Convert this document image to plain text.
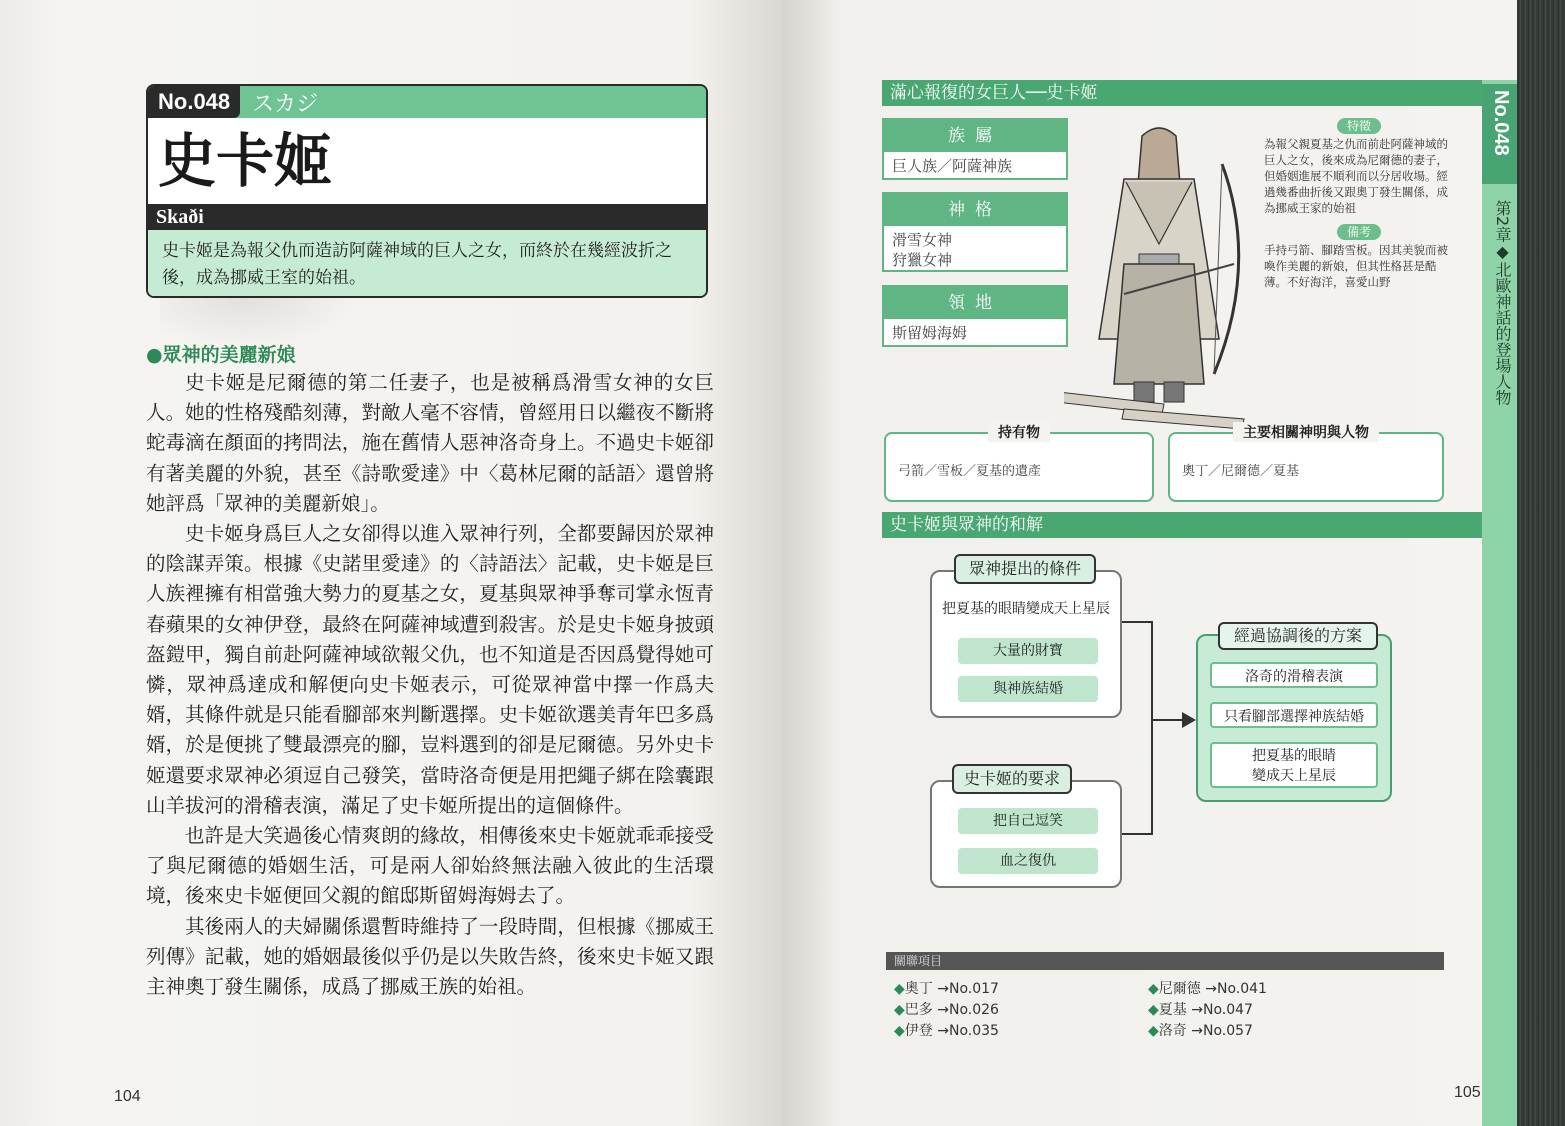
No.048	スカジ
史卡姬
Skaði
史卡姬是為報父仇而造訪阿薩神域的巨人之女，而終於在幾經波折之後，成為挪威王室的始祖。
●眾神的美麗新娘

史卡姬是尼爾德的第二任妻子，也是被稱爲滑雪女神的女巨人。她的性格殘酷刻薄，對敵人毫不容情，曾經用日以繼夜不斷將蛇毒滴在顏面的拷問法，施在舊情人惡神洛奇身上。不過史卡姬卻有著美麗的外貌，甚至《詩歌愛達》中〈葛林尼爾的話語〉還曾將她評爲「眾神的美麗新娘」。

史卡姬身爲巨人之女卻得以進入眾神行列，全都要歸因於眾神的陰謀弄策。根據《史諾里愛達》的〈詩語法〉記載，史卡姬是巨人族裡擁有相當強大勢力的夏基之女，夏基與眾神爭奪司掌永恆青春蘋果的女神伊登，最終在阿薩神域遭到殺害。於是史卡姬身披頭盔鎧甲，獨自前赴阿薩神域欲報父仇，也不知道是否因爲覺得她可憐，眾神爲達成和解便向史卡姬表示，可從眾神當中擇一作爲夫婿，其條件就是只能看腳部來判斷選擇。史卡姬欲選美青年巴多爲婿，於是便挑了雙最漂亮的腳，豈料選到的卻是尼爾德。另外史卡姬還要求眾神必須逗自己發笑，當時洛奇便是用把繩子綁在陰囊跟山羊拔河的滑稽表演，滿足了史卡姬所提出的這個條件。

也許是大笑過後心情爽朗的緣故，相傳後來史卡姬就乖乖接受了與尼爾德的婚姻生活，可是兩人卻始終無法融入彼此的生活環境，後來史卡姬便回父親的館邸斯留姆海姆去了。

其後兩人的夫婦關係還暫時維持了一段時間，但根據《挪威王列傳》記載，她的婚姻最後似乎仍是以失敗告終，後來史卡姬又跟主神奧丁發生關係，成爲了挪威王族的始祖。

104
滿心報復的女巨人──史卡姬
族屬
巨人族／阿薩神族
神格
滑雪女神
狩獵女神
領地
斯留姆海姆
特徵
為報父親夏基之仇而前赴阿薩神域的巨人之女，後來成為尼爾德的妻子，但婚姻進展不順利而以分居收場。經過幾番曲折後又跟奧丁發生關係，成為挪威王家的始祖
備考
手持弓箭、腳踏雪板。因其美貌而被喚作美麗的新娘，但其性格甚是酷薄。不好海洋，喜愛山野
持有物
弓箭／雪板／夏基的遺產
主要相關神明與人物
奧丁／尼爾德／夏基
史卡姬與眾神的和解
眾神提出的條件
把夏基的眼睛變成天上星辰
大量的財寶
與神族結婚
史卡姬的要求
把自己逗笑
血之復仇
經過協調後的方案
洛奇的滑稽表演
只看腳部選擇神族結婚
把夏基的眼睛
變成天上星辰
關聯項目
◆奧丁 →No.017
◆巴多 →No.026
◆伊登 →No.035
◆尼爾德 →No.041
◆夏基 →No.047
◆洛奇 →No.057
No.048
第2章◆北歐神話的登場人物
105
